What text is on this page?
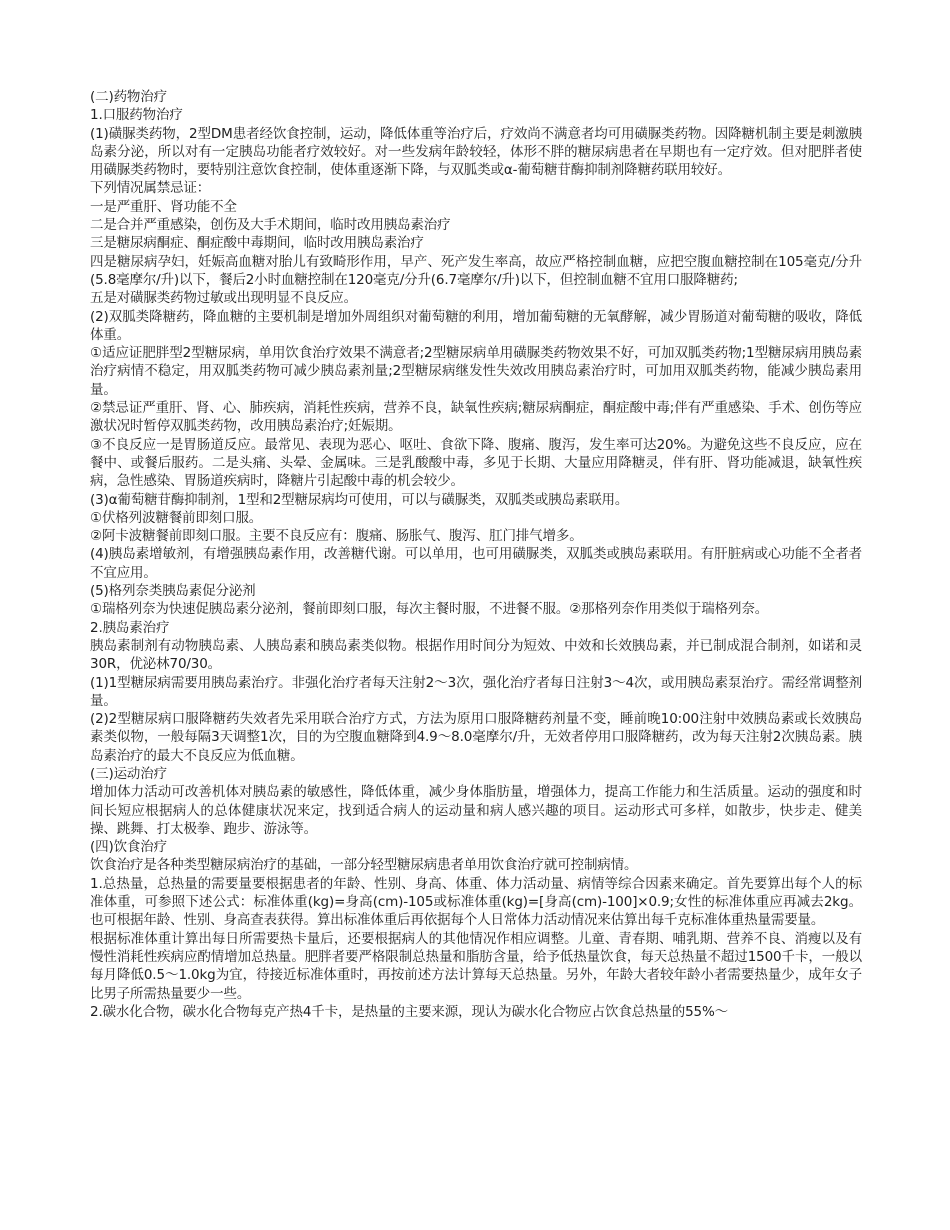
(二)药物治疗

1.口服药物治疗

(1)磺脲类药物，2型DM患者经饮食控制，运动，降低体重等治疗后，疗效尚不满意者均可用磺脲类药物。因降糖机制主要是刺激胰岛素分泌，所以对有一定胰岛功能者疗效较好。对一些发病年龄较轻，体形不胖的糖尿病患者在早期也有一定疗效。但对肥胖者使用磺脲类药物时，要特别注意饮食控制，使体重逐渐下降，与双胍类或α-葡萄糖苷酶抑制剂降糖药联用较好。

下列情况属禁忌证：

一是严重肝、肾功能不全

二是合并严重感染，创伤及大手术期间，临时改用胰岛素治疗

三是糖尿病酮症、酮症酸中毒期间，临时改用胰岛素治疗

四是糖尿病孕妇，妊娠高血糖对胎儿有致畸形作用，早产、死产发生率高，故应严格控制血糖，应把空腹血糖控制在105毫克/分升(5.8毫摩尔/升)以下，餐后2小时血糖控制在120毫克/分升(6.7毫摩尔/升)以下，但控制血糖不宜用口服降糖药;

五是对磺脲类药物过敏或出现明显不良反应。

(2)双胍类降糖药，降血糖的主要机制是增加外周组织对葡萄糖的利用，增加葡萄糖的无氧酵解，减少胃肠道对葡萄糖的吸收，降低体重。

①适应证肥胖型2型糖尿病，单用饮食治疗效果不满意者;2型糖尿病单用磺脲类药物效果不好，可加双胍类药物;1型糖尿病用胰岛素治疗病情不稳定，用双胍类药物可减少胰岛素剂量;2型糖尿病继发性失效改用胰岛素治疗时，可加用双胍类药物，能减少胰岛素用量。

②禁忌证严重肝、肾、心、肺疾病，消耗性疾病，营养不良，缺氧性疾病;糖尿病酮症，酮症酸中毒;伴有严重感染、手术、创伤等应激状况时暂停双胍类药物，改用胰岛素治疗;妊娠期。

③不良反应一是胃肠道反应。最常见、表现为恶心、呕吐、食欲下降、腹痛、腹泻，发生率可达20%。为避免这些不良反应，应在餐中、或餐后服药。二是头痛、头晕、金属味。三是乳酸酸中毒，多见于长期、大量应用降糖灵，伴有肝、肾功能减退，缺氧性疾病，急性感染、胃肠道疾病时，降糖片引起酸中毒的机会较少。

(3)α葡萄糖苷酶抑制剂，1型和2型糖尿病均可使用，可以与磺脲类，双胍类或胰岛素联用。

①伏格列波糖餐前即刻口服。

②阿卡波糖餐前即刻口服。主要不良反应有：腹痛、肠胀气、腹泻、肛门排气增多。

(4)胰岛素增敏剂，有增强胰岛素作用，改善糖代谢。可以单用，也可用磺脲类，双胍类或胰岛素联用。有肝脏病或心功能不全者者不宜应用。

(5)格列奈类胰岛素促分泌剂

①瑞格列奈为快速促胰岛素分泌剂，餐前即刻口服，每次主餐时服，不进餐不服。②那格列奈作用类似于瑞格列奈。

2.胰岛素治疗

胰岛素制剂有动物胰岛素、人胰岛素和胰岛素类似物。根据作用时间分为短效、中效和长效胰岛素，并已制成混合制剂，如诺和灵30R，优泌林70/30。

(1)1型糖尿病需要用胰岛素治疗。非强化治疗者每天注射2～3次，强化治疗者每日注射3～4次，或用胰岛素泵治疗。需经常调整剂量。

(2)2型糖尿病口服降糖药失效者先采用联合治疗方式，方法为原用口服降糖药剂量不变，睡前晚10:00注射中效胰岛素或长效胰岛素类似物，一般每隔3天调整1次，目的为空腹血糖降到4.9～8.0毫摩尔/升，无效者停用口服降糖药，改为每天注射2次胰岛素。胰岛素治疗的最大不良反应为低血糖。

(三)运动治疗

增加体力活动可改善机体对胰岛素的敏感性，降低体重，减少身体脂肪量，增强体力，提高工作能力和生活质量。运动的强度和时间长短应根据病人的总体健康状况来定，找到适合病人的运动量和病人感兴趣的项目。运动形式可多样，如散步，快步走、健美操、跳舞、打太极拳、跑步、游泳等。

(四)饮食治疗

饮食治疗是各种类型糖尿病治疗的基础，一部分轻型糖尿病患者单用饮食治疗就可控制病情。

1.总热量，总热量的需要量要根据患者的年龄、性别、身高、体重、体力活动量、病情等综合因素来确定。首先要算出每个人的标准体重，可参照下述公式：标准体重(kg)=身高(cm)-105或标准体重(kg)=[身高(cm)-100]×0.9;女性的标准体重应再减去2kg。也可根据年龄、性别、身高查表获得。算出标准体重后再依据每个人日常体力活动情况来估算出每千克标准体重热量需要量。

根据标准体重计算出每日所需要热卡量后，还要根据病人的其他情况作相应调整。儿童、青春期、哺乳期、营养不良、消瘦以及有慢性消耗性疾病应酌情增加总热量。肥胖者要严格限制总热量和脂肪含量，给予低热量饮食，每天总热量不超过1500千卡，一般以每月降低0.5～1.0kg为宜，待接近标准体重时，再按前述方法计算每天总热量。另外，年龄大者较年龄小者需要热量少，成年女子比男子所需热量要少一些。

2.碳水化合物，碳水化合物每克产热4千卡，是热量的主要来源，现认为碳水化合物应占饮食总热量的55%～
